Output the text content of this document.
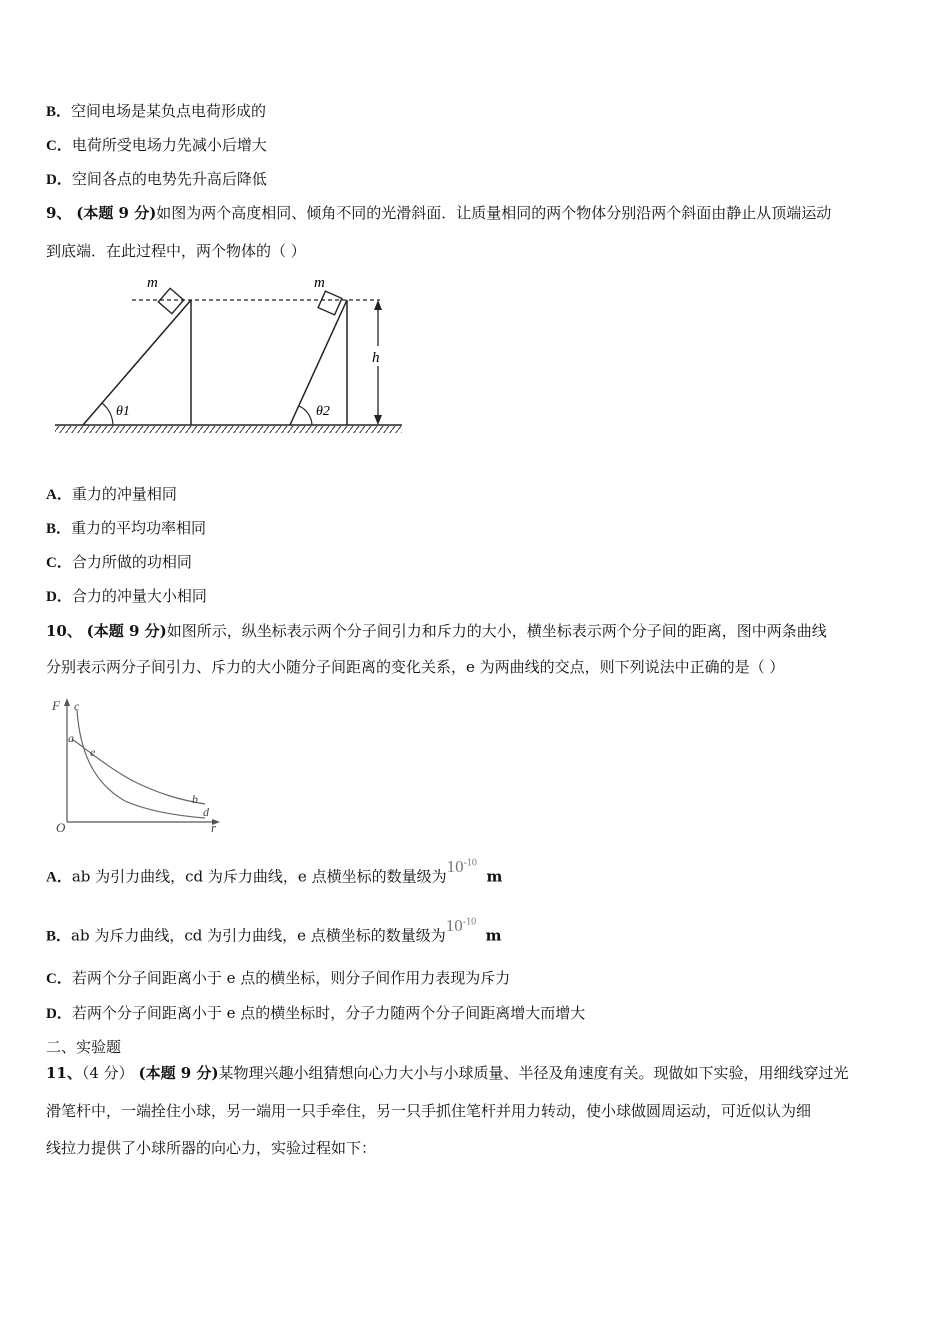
B．空间电场是某负点电荷形成的
C．电荷所受电场力先减小后增大
D．空间各点的电势先升高后降低
9、 (本题 9 分)如图为两个高度相同、倾角不同的光滑斜面．让质量相同的两个物体分别沿两个斜面由静止从顶端运动
到底端．在此过程中，两个物体的（ ）
m
θ1
m
θ2
h
A．重力的冲量相同
B．重力的平均功率相同
C．合力所做的功相同
D．合力的冲量大小相同
10、 (本题 9 分)如图所示，纵坐标表示两个分子间引力和斥力的大小，横坐标表示两个分子间的距离，图中两条曲线
分别表示两分子间引力、斥力的大小随分子间距离的变化关系，e 为两曲线的交点，则下列说法中正确的是（ ）
F
r
O
c
a
e
b
d
A．ab 为引力曲线，cd 为斥力曲线，e 点横坐标的数量级为$10^{-10}$  m
B．ab 为斥力曲线，cd 为引力曲线，e 点横坐标的数量级为$10^{-10}$  m
C．若两个分子间距离小于 e 点的横坐标，则分子间作用力表现为斥力
D．若两个分子间距离小于 e 点的横坐标时，分子力随两个分子间距离增大而增大
二、实验题
11、（4 分） (本题 9 分)某物理兴趣小组猜想向心力大小与小球质量、半径及角速度有关。现做如下实验，用细线穿过光
滑笔杆中，一端拴住小球，另一端用一只手牵住，另一只手抓住笔杆并用力转动，使小球做圆周运动，可近似认为细
线拉力提供了小球所器的向心力，实验过程如下：
